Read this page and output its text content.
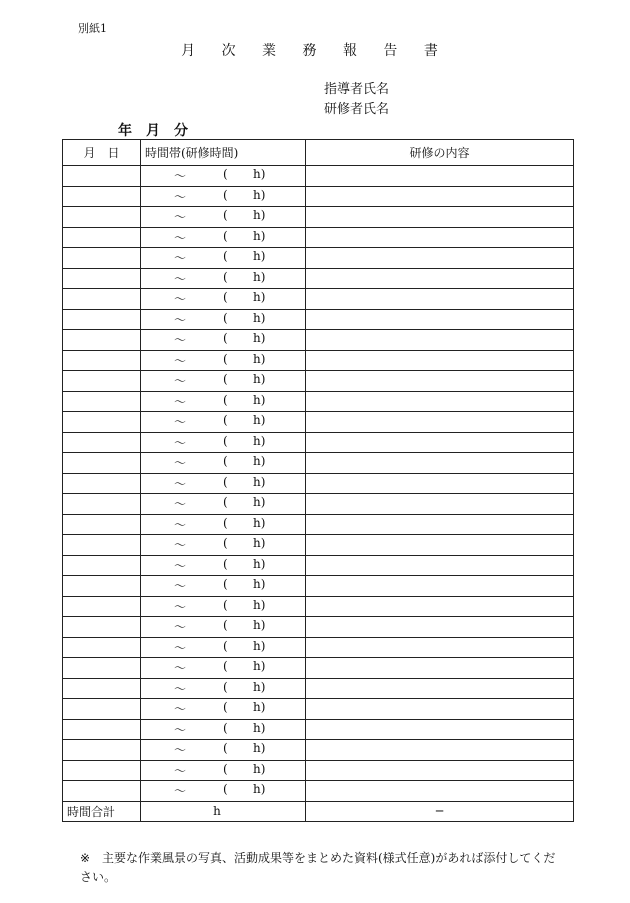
別紙1
月 次 業 務 報 告 書
指導者氏名
研修者氏名
年　月　分
月　日	時間帯(研修時間)	研修の内容

	〜 ( h)	

	〜 ( h)	

	〜 ( h)	

	〜 ( h)	

	〜 ( h)	

	〜 ( h)	

	〜 ( h)	

	〜 ( h)	

	〜 ( h)	

	〜 ( h)	

	〜 ( h)	

	〜 ( h)	

	〜 ( h)	

	〜 ( h)	

	〜 ( h)	

	〜 ( h)	

	〜 ( h)	

	〜 ( h)	

	〜 ( h)	

	〜 ( h)	

	〜 ( h)	

	〜 ( h)	

	〜 ( h)	

	〜 ( h)	

	〜 ( h)	

	〜 ( h)	

	〜 ( h)	

	〜 ( h)	

	〜 ( h)	

	〜 ( h)	

	〜 ( h)	

時間合計	h	─
※ 主要な作業風景の写真、活動成果等をまとめた資料(様式任意)があれば添付してください。
